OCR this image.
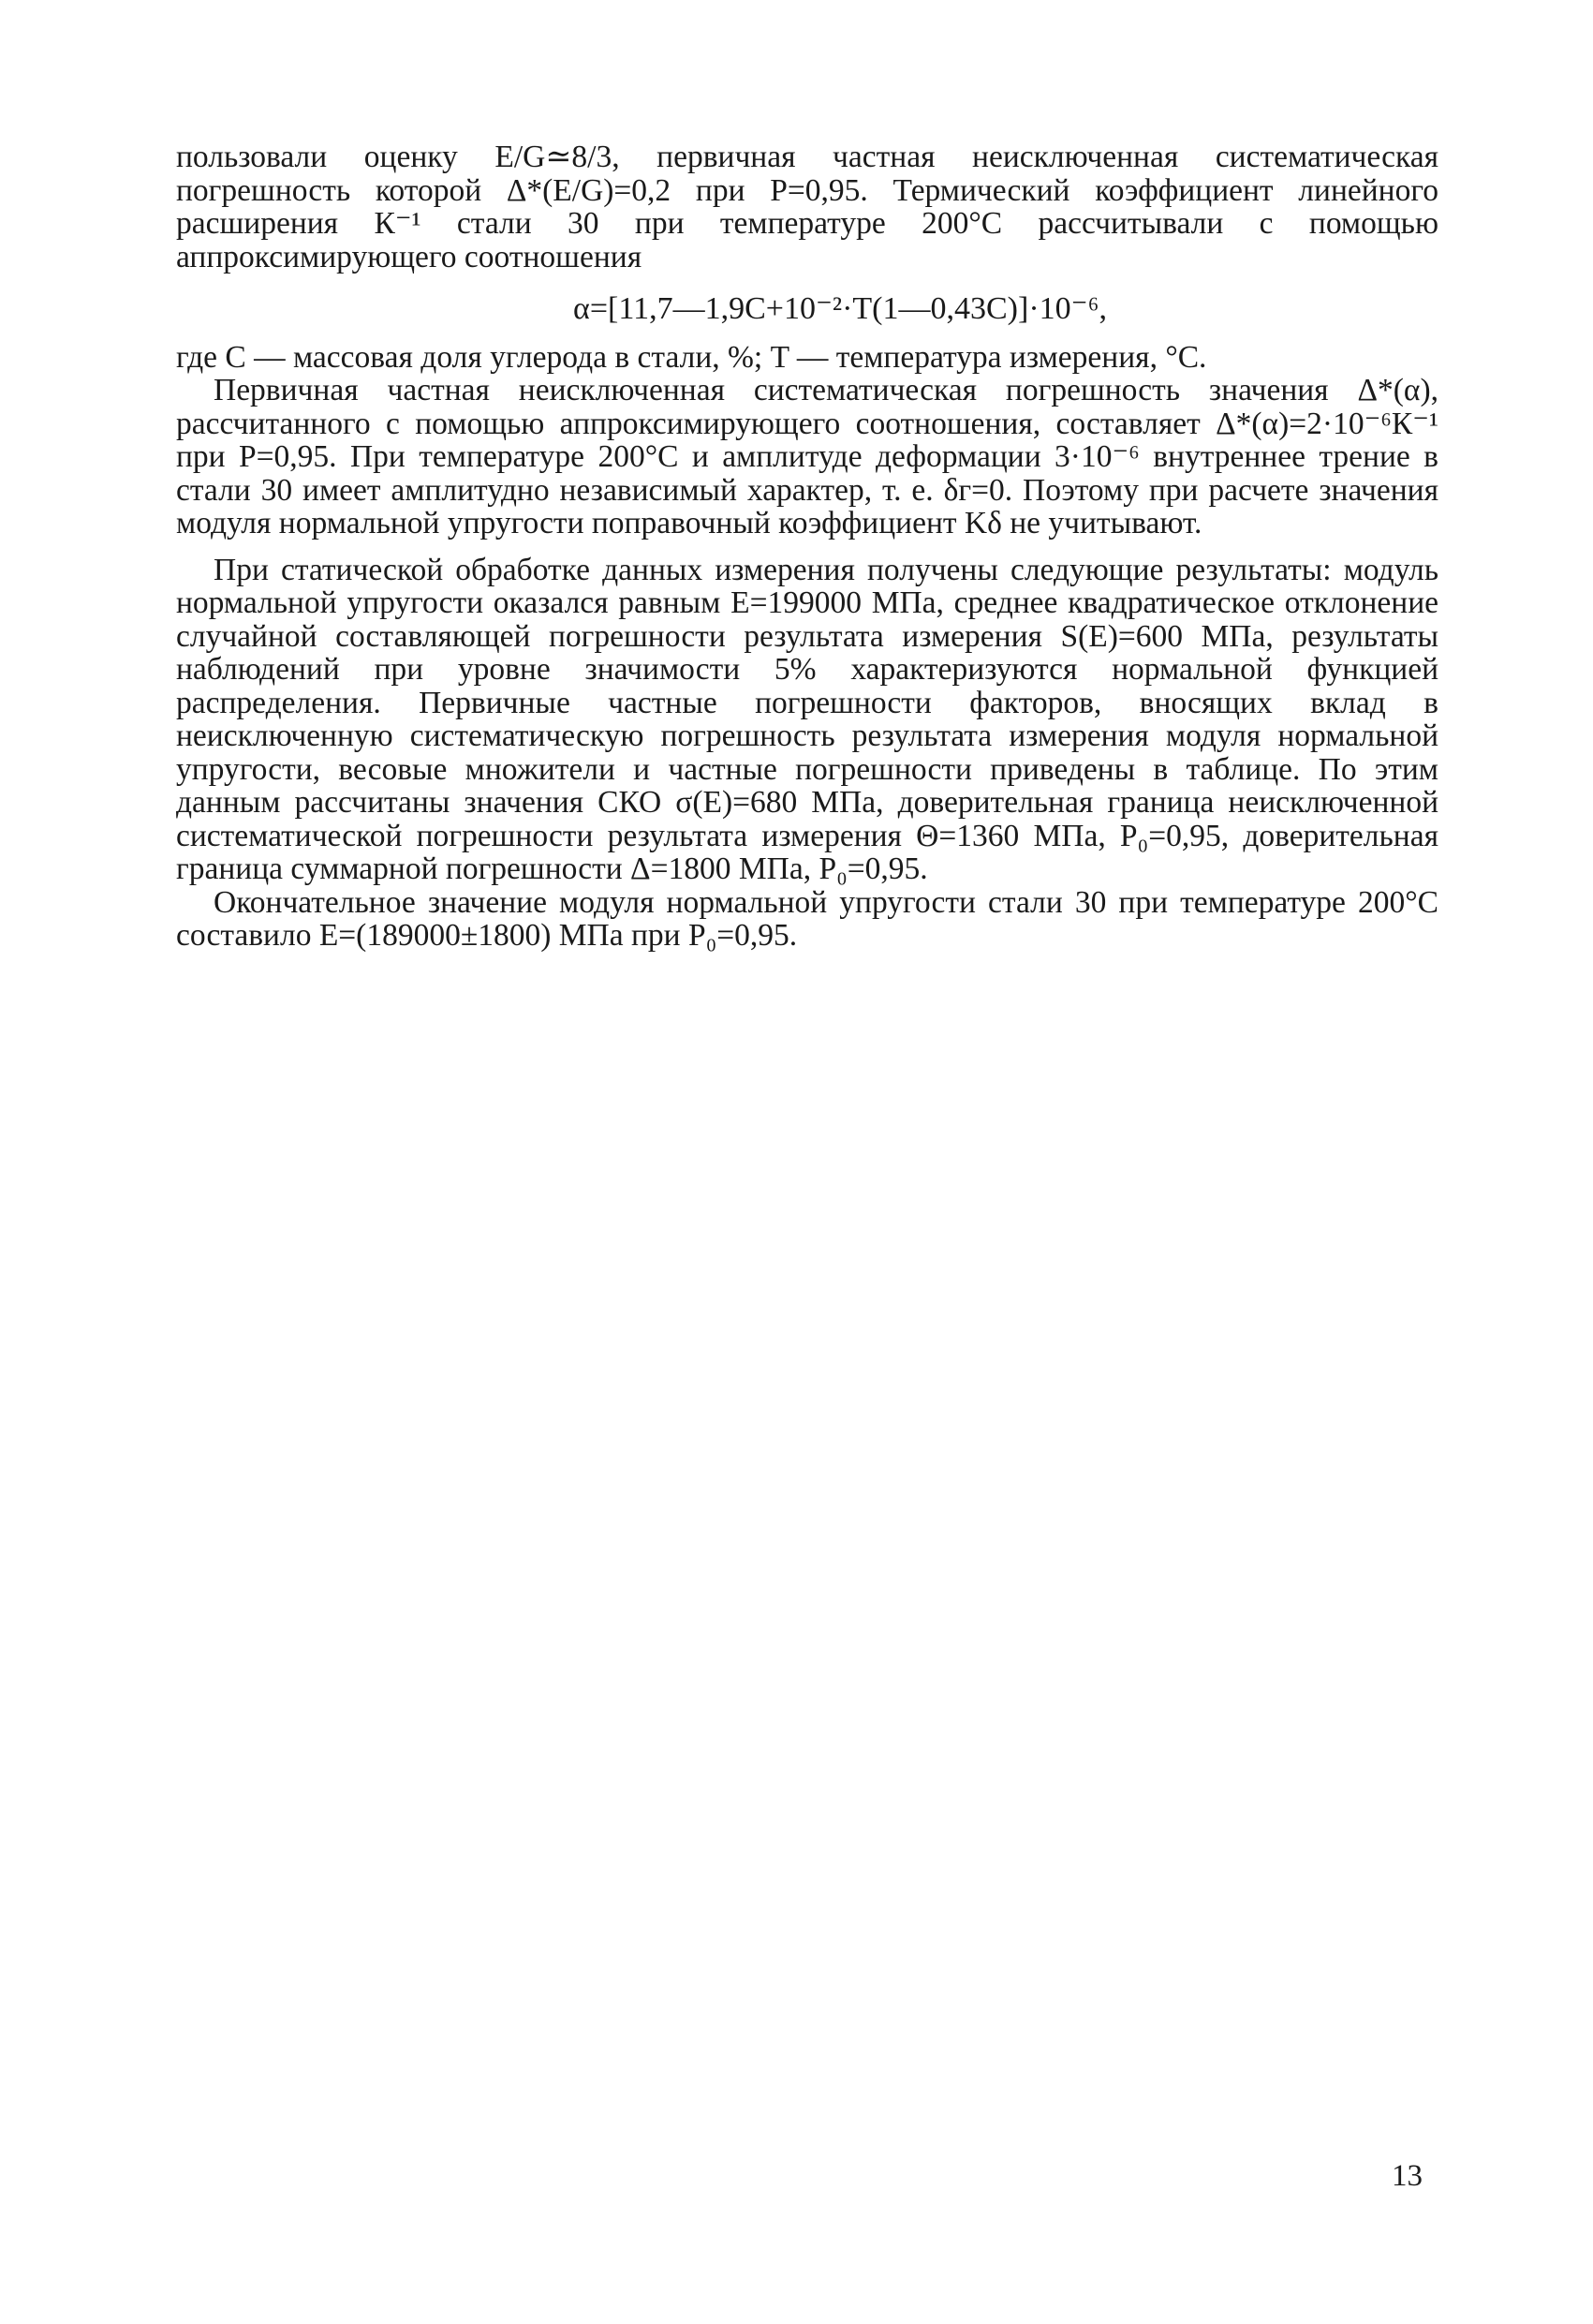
пользовали оценку E/G≃8/3, первичная частная неисключенная систематическая погрешность которой Δ*(E/G)=0,2 при P=0,95. Термический коэффициент линейного расширения К⁻¹ стали 30 при температуре 200°С рассчитывали с помощью аппроксимирующего соотношения

α=[11,7—1,9C+10⁻²·T(1—0,43C)]·10⁻⁶,

где C — массовая доля углерода в стали, %; T — температура измерения, °С.

Первичная частная неисключенная систематическая погрешность значения Δ*(α), рассчитанного с помощью аппроксимирующего соотношения, составляет Δ*(α)=2·10⁻⁶К⁻¹ при P=0,95. При температуре 200°С и амплитуде деформации 3·10⁻⁶ внутреннее трение в стали 30 имеет амплитудно независимый характер, т. е. δг=0. Поэтому при расчете значения модуля нормальной упругости поправочный коэффициент Kδ не учитывают.

При статической обработке данных измерения получены следующие результаты: модуль нормальной упругости оказался равным E=199000 МПа, среднее квадратическое отклонение случайной составляющей погрешности результата измерения S(E)=600 МПа, результаты наблюдений при уровне значимости 5% характеризуются нормальной функцией распределения. Первичные частные погрешности факторов, вносящих вклад в неисключенную систематическую погрешность результата измерения модуля нормальной упругости, весовые множители и частные погрешности приведены в таблице. По этим данным рассчитаны значения СКО σ(E)=680 МПа, доверительная граница неисключенной систематической погрешности результата измерения Θ=1360 МПа, P₀=0,95, доверительная граница суммарной погрешности Δ=1800 МПа, P₀=0,95.

Окончательное значение модуля нормальной упругости стали 30 при температуре 200°С составило E=(189000±1800) МПа при P₀=0,95.

13
